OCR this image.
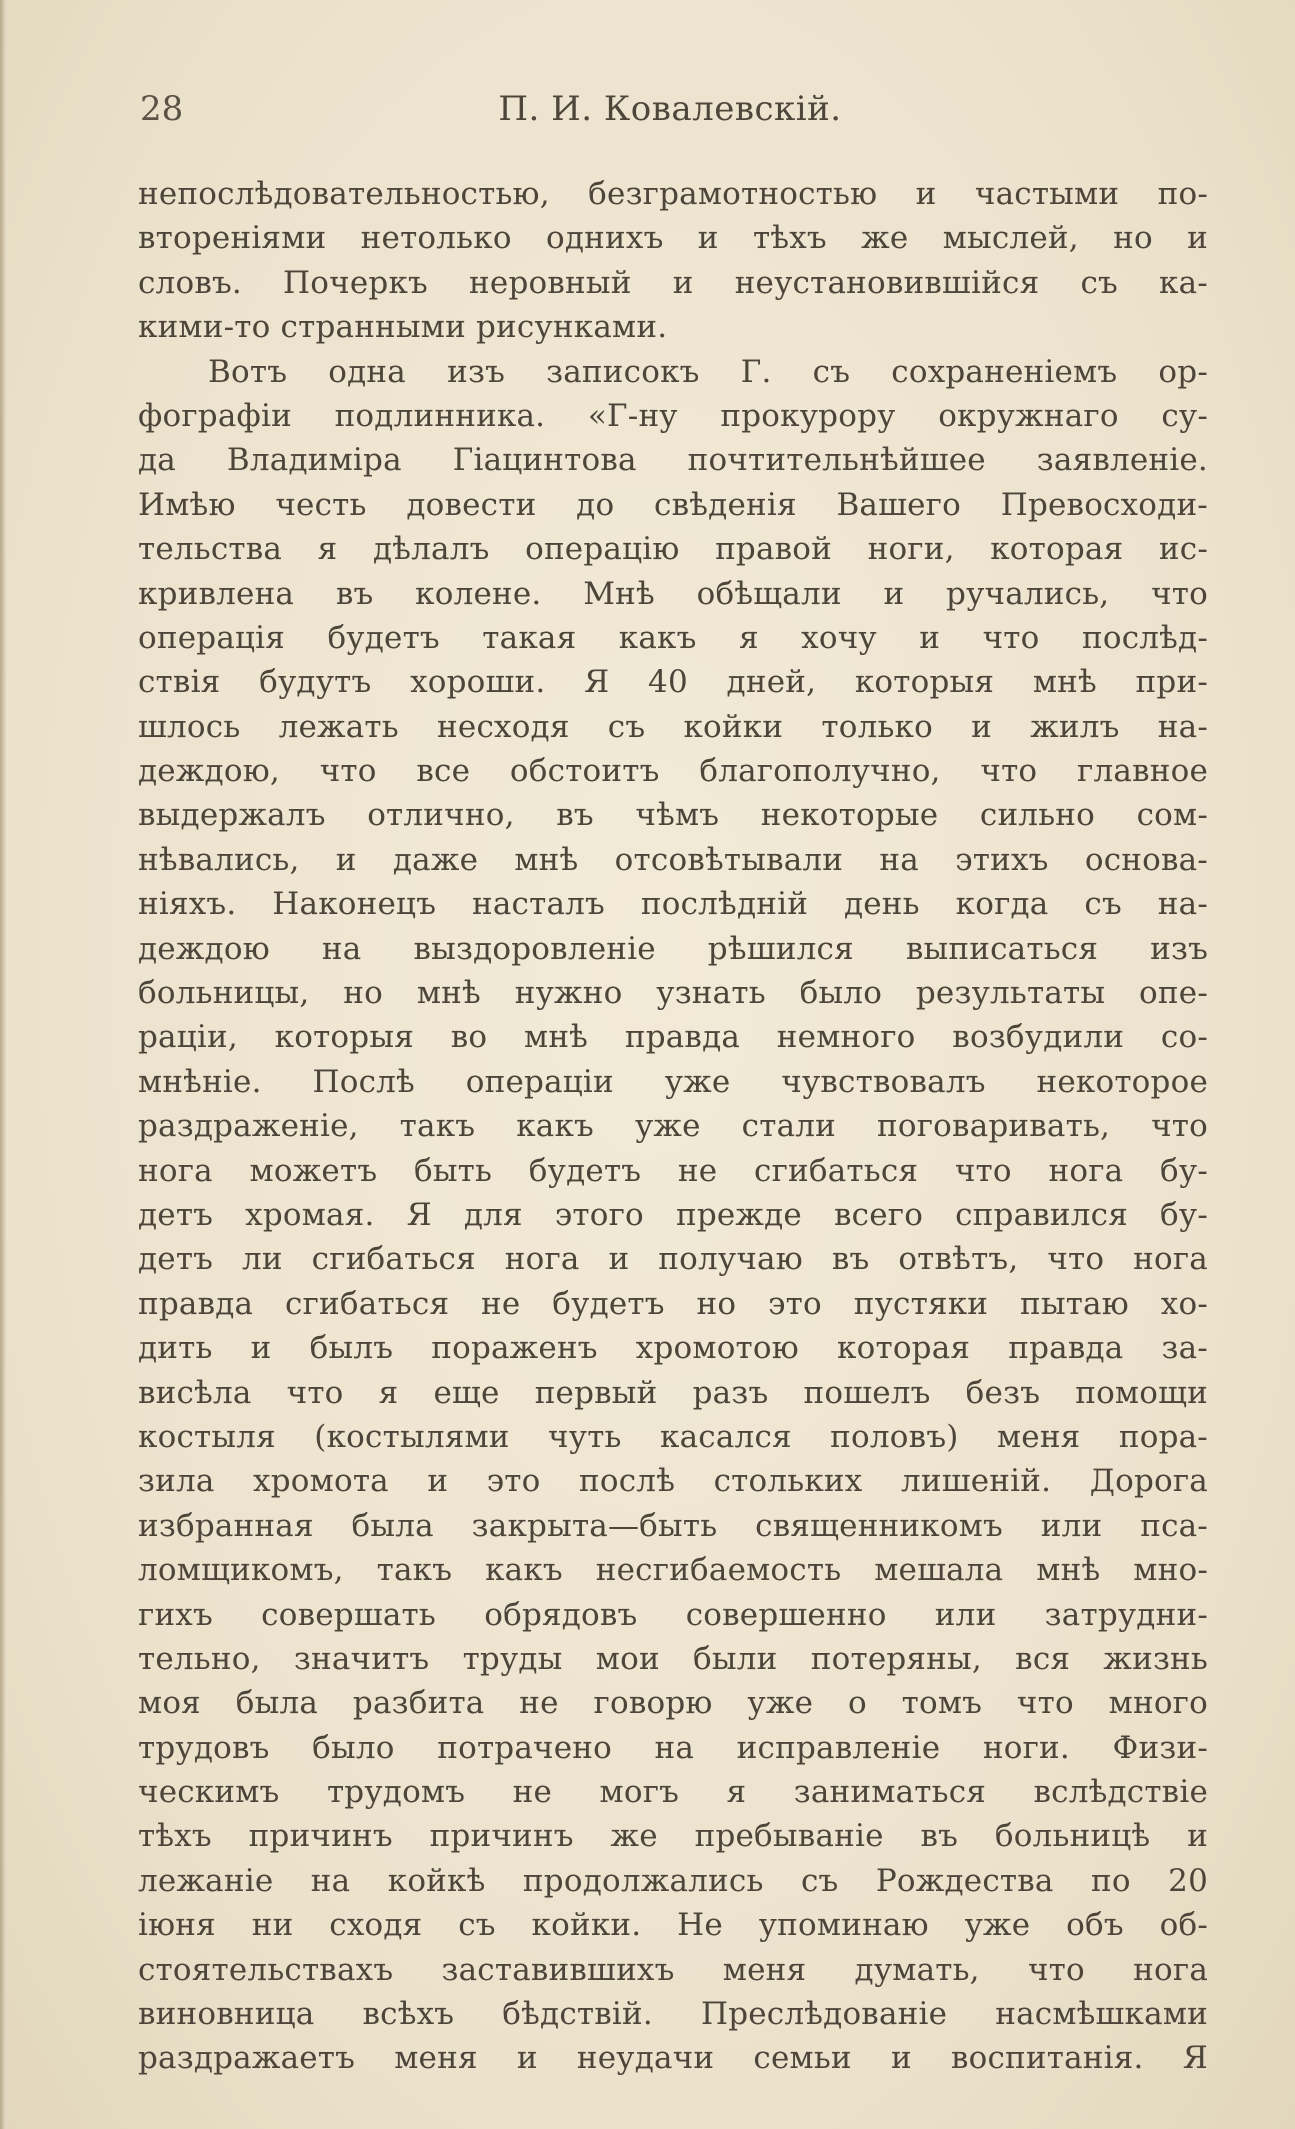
28	П. И. Ковалевскій.
непослѣдовательностью, безграмотностью и частыми по-
втореніями нетолько однихъ и тѣхъ же мыслей, но и
словъ. Почеркъ неровный и неустановившійся съ ка-
кими-то странными рисунками.
Вотъ одна изъ записокъ Г. съ сохраненіемъ ор-
фографіи подлинника. «Г-ну прокурору окружнаго су-
да Владиміра Гіацинтова почтительнѣйшее заявленіе.
Имѣю честь довести до свѣденія Вашего Превосходи-
тельства я дѣлалъ операцію правой ноги, которая ис-
кривлена въ колене. Мнѣ обѣщали и ручались, что
операція будетъ такая какъ я хочу и что послѣд-
ствія будутъ хороши. Я 40 дней, которыя мнѣ при-
шлось лежать несходя съ койки только и жилъ на-
деждою, что все обстоитъ благополучно, что главное
выдержалъ отлично, въ чѣмъ некоторые сильно сом-
нѣвались, и даже мнѣ отсовѣтывали на этихъ основа-
ніяхъ. Наконецъ насталъ послѣдній день когда съ на-
деждою на выздоровленіе рѣшился выписаться изъ
больницы, но мнѣ нужно узнать было результаты опе-
раціи, которыя во мнѣ правда немного возбудили со-
мнѣніе. Послѣ операціи уже чувствовалъ некоторое
раздраженіе, такъ какъ уже стали поговаривать, что
нога можетъ быть будетъ не сгибаться что нога бу-
детъ хромая. Я для этого прежде всего справился бу-
детъ ли сгибаться нога и получаю въ отвѣтъ, что нога
правда сгибаться не будетъ но это пустяки пытаю хо-
дить и былъ пораженъ хромотою которая правда за-
висѣла что я еще первый разъ пошелъ безъ помощи
костыля (костылями чуть касался половъ) меня пора-
зила хромота и это послѣ стольких лишеній. Дорога
избранная была закрыта—быть священникомъ или пса-
ломщикомъ, такъ какъ несгибаемость мешала мнѣ мно-
гихъ совершать обрядовъ совершенно или затрудни-
тельно, значитъ труды мои были потеряны, вся жизнь
моя была разбита не говорю уже о томъ что много
трудовъ было потрачено на исправленіе ноги. Физи-
ческимъ трудомъ не могъ я заниматься вслѣдствіе
тѣхъ причинъ причинъ же пребываніе въ больницѣ и
лежаніе на койкѣ продолжались съ Рождества по 20
іюня ни сходя съ койки. Не упоминаю уже объ об-
стоятельствахъ заставившихъ меня думать, что нога
виновница всѣхъ бѣдствій. Преслѣдованіе насмѣшками
раздражаетъ меня и неудачи семьи и воспитанія. Я
